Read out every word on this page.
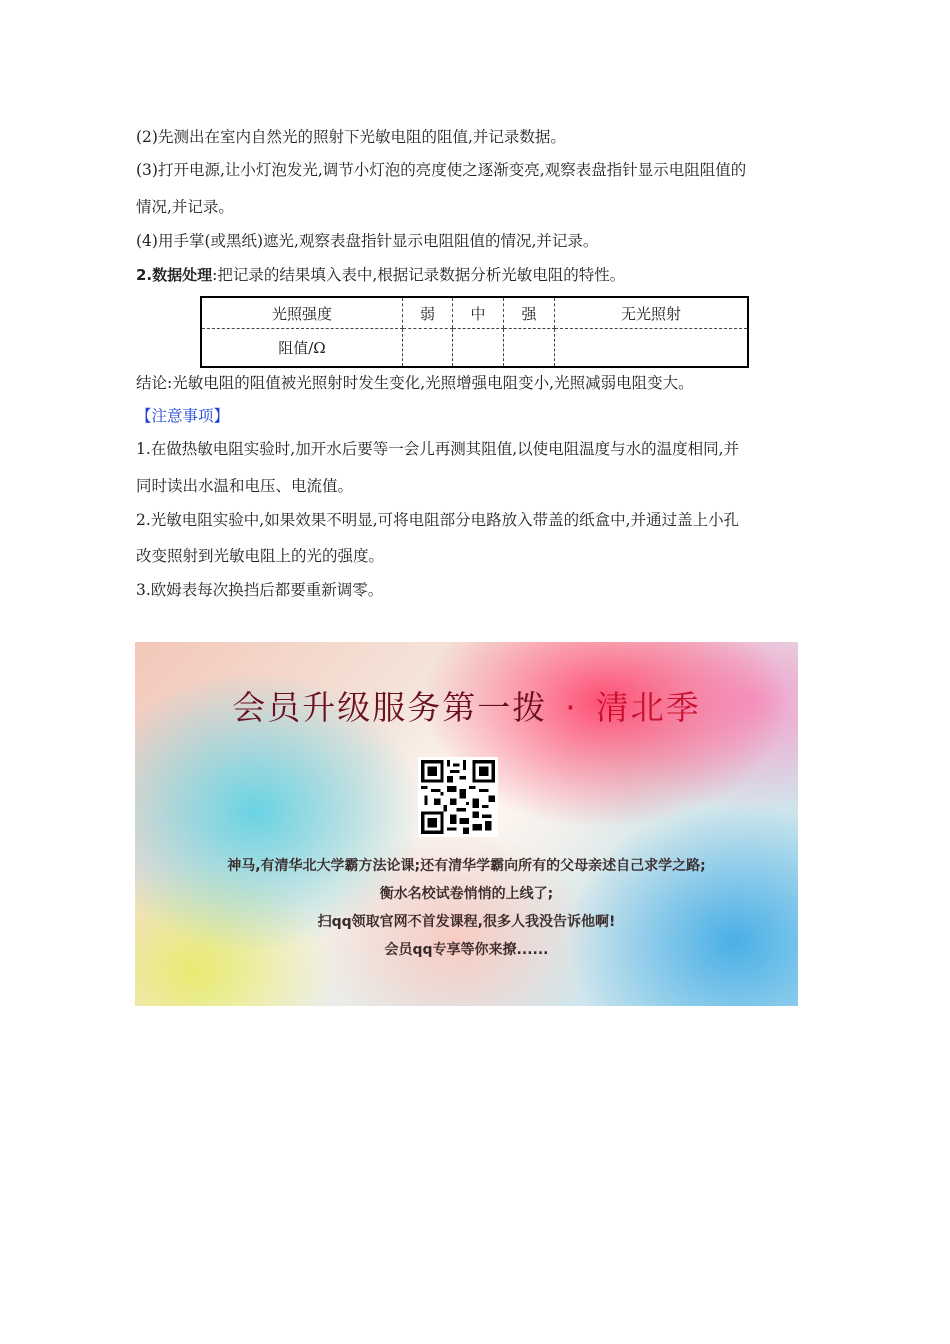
(2)先测出在室内自然光的照射下光敏电阻的阻值,并记录数据。
(3)打开电源,让小灯泡发光,调节小灯泡的亮度使之逐渐变亮,观察表盘指针显示电阻阻值的
情况,并记录。
(4)用手掌(或黑纸)遮光,观察表盘指针显示电阻阻值的情况,并记录。
2.数据处理:把记录的结果填入表中,根据记录数据分析光敏电阻的特性。
光照强度	弱	中	强	无光照射
阻值/Ω				
结论:光敏电阻的阻值被光照射时发生变化,光照增强电阻变小,光照减弱电阻变大。
【注意事项】
1.在做热敏电阻实验时,加开水后要等一会儿再测其阻值,以使电阻温度与水的温度相同,并
同时读出水温和电压、电流值。
2.光敏电阻实验中,如果效果不明显,可将电阻部分电路放入带盖的纸盒中,并通过盖上小孔
改变照射到光敏电阻上的光的强度。
3.欧姆表每次换挡后都要重新调零。
会员升级服务第一拨 · 清北季
神马,有清华北大学霸方法论课;还有清华学霸向所有的父母亲述自己求学之路;
衡水名校试卷悄悄的上线了;
扫qq领取官网不首发课程,很多人我没告诉他啊!
会员qq专享等你来撩......
